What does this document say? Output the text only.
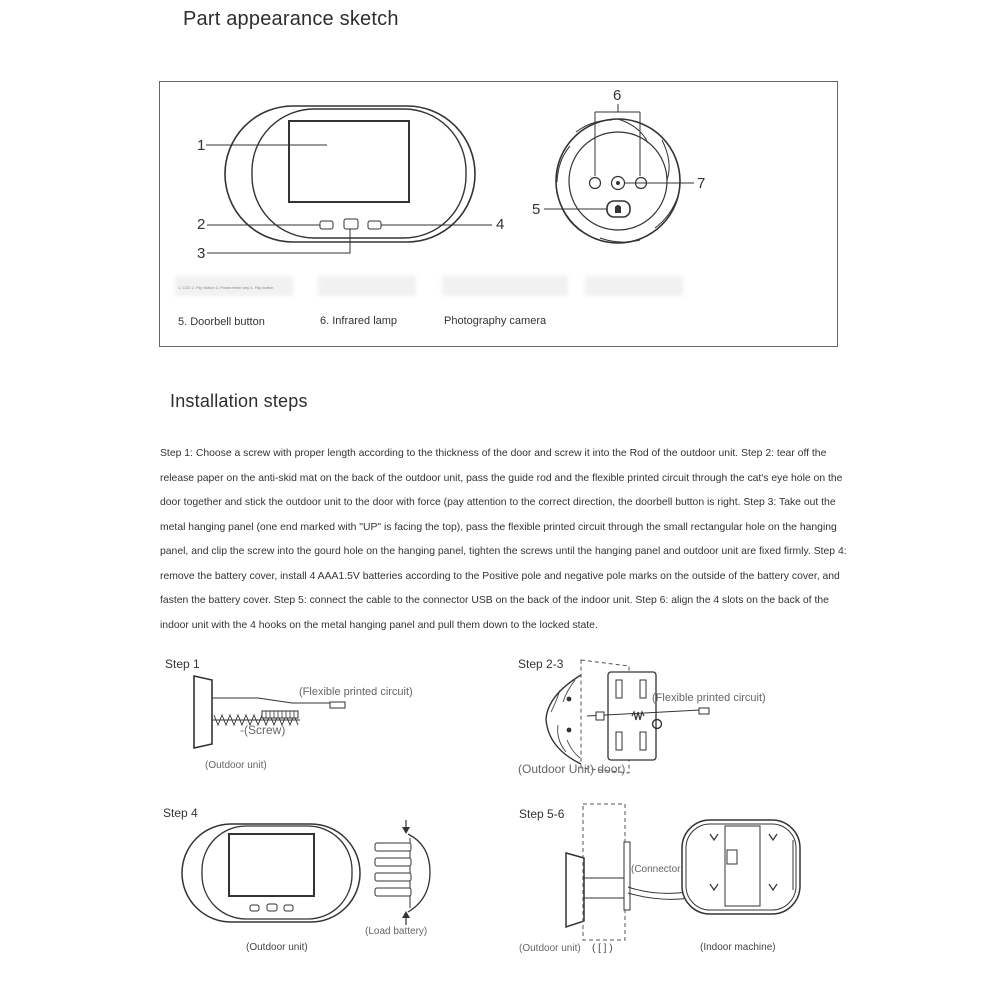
Part appearance sketch
1
2
3
4
6
7
5
1. LCD 2. Flip button 3. Power/enter key 4. Flip button
5. Doorbell button	6. Infrared lamp	Photography camera
Installation steps
Step 1: Choose a screw with proper length according to the thickness of the door and screw it into the Rod of the outdoor unit. Step 2: tear off the release paper on the anti-skid mat on the back of the outdoor unit, pass the guide rod and the flexible printed circuit through the cat's eye hole on the door together and stick the outdoor unit to the door with force (pay attention to the correct direction, the doorbell button is right. Step 3: Take out the metal hanging panel (one end marked with "UP" is facing the top), pass the flexible printed circuit through the small rectangular hole on the hanging panel, and clip the screw into the gourd hole on the hanging panel, tighten the screws until the hanging panel and outdoor unit are fixed firmly. Step 4: remove the battery cover, install 4 AAA1.5V batteries according to the Positive pole and negative pole marks on the outside of the battery cover, and fasten the battery cover. Step 5: connect the cable to the connector USB on the back of the indoor unit. Step 6: align the 4 slots on the back of the indoor unit with the 4 hooks on the metal hanging panel and pull them down to the locked state.
Step 1
(Flexible printed circuit)
-(Screw)
(Outdoor unit)
Step 2-3
(Flexible printed circuit)
(Outdoor Unit) door)
Step 4
(Load battery)
(Outdoor unit)
Step 5-6
(Connector
(Outdoor unit) ( [ ] )	(Indoor machine)
